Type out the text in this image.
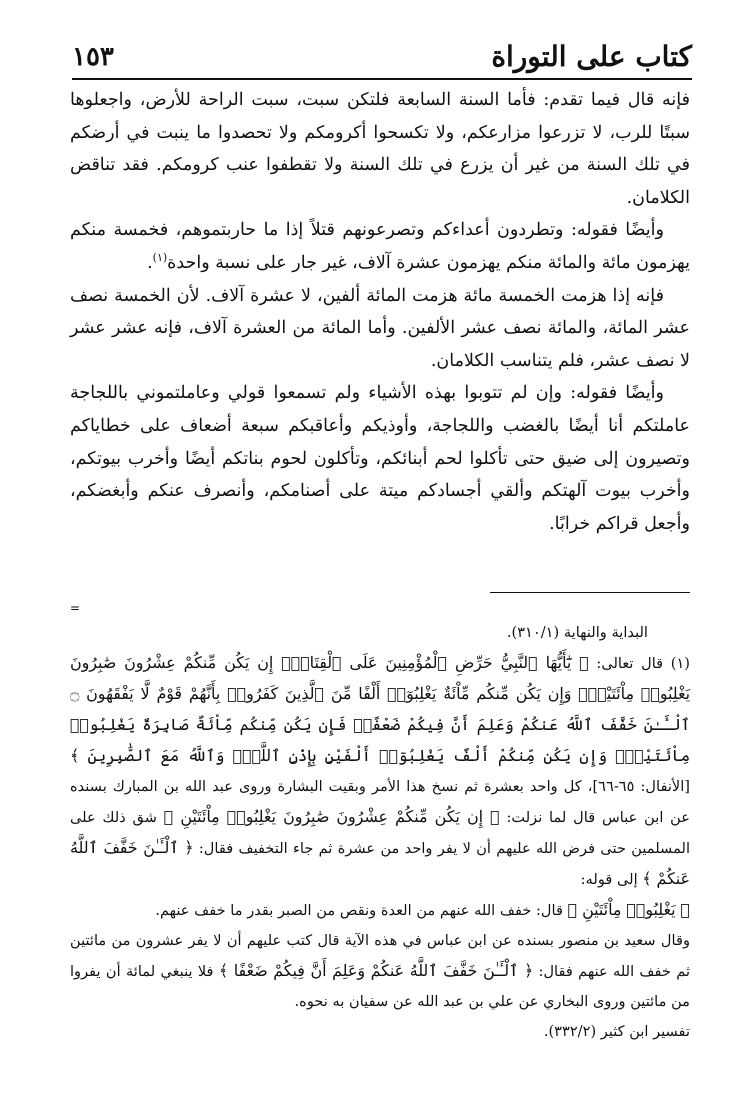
كتاب على التوراة
١٥٣

فإنه قال فيما تقدم: فأما السنة السابعة فلتكن سبت، سبت الراحة للأرض، واجعلوها سبتًا للرب، لا تزرعوا مزارعكم، ولا تكسحوا أكرومكم ولا تحصدوا ما ينبت في أرضكم في تلك السنة من غير أن يزرع في تلك السنة ولا تقطفوا عنب كرومكم. فقد تناقض الكلامان.

وأيضًا فقوله: وتطردون أعداءكم وتصرعونهم قتلاً إذا ما حاربتموهم، فخمسة منكم يهزمون مائة والمائة منكم يهزمون عشرة آلاف، غير جار على نسبة واحدة$^{(١)}$.

فإنه إذا هزمت الخمسة مائة هزمت المائة ألفين، لا عشرة آلاف. لأن الخمسة نصف عشر المائة، والمائة نصف عشر الألفين. وأما المائة من العشرة آلاف، فإنه عشر عشر لا نصف عشر، فلم يتناسب الكلامان.

وأيضًا فقوله: وإن لم تتوبوا بهذه الأشياء ولم تسمعوا قولي وعاملتموني باللجاجة عاملتكم أنا أيضًا بالغضب واللجاجة، وأوذيكم وأعاقبكم سبعة أضعاف على خطاياكم وتصيرون إلى ضيق حتى تأكلوا لحم أبنائكم، وتأكلون لحوم بناتكم أيضًا وأخرب بيوتكم، وأخرب بيوت آلهتكم وألقي أجسادكم ميتة على أصنامكم، وأنصرف عنكم وأبغضكم، وأجعل قراكم خرابًا.

=

البداية والنهاية (٣١٠/١).

(١) قال تعالى: ﴿ يَٰٓأَيُّهَا ٱلنَّبِيُّ حَرِّضِ ٱلْمُؤْمِنِينَ عَلَى ٱلْقِتَالِۚ إِن يَكُن مِّنكُمْ عِشْرُونَ صَٰبِرُونَ يَغْلِبُوا۟ مِاْئَتَيْنِۚ وَإِن يَكُن مِّنكُم مِّاْئَةٌ يَغْلِبُوٓا۟ أَلْفًا مِّنَ ٱلَّذِينَ كَفَرُوا۟ بِأَنَّهُمْ قَوْمٌ لَّا يَفْقَهُونَ ۝ ٱلْـَٔـٰنَ خَفَّفَ ٱللَّهُ عَنكُمْ وَعَلِمَ أَنَّ فِيكُمْ ضَعْفًاۚ فَإِن يَكُن مِّنكُم مِّاْئَةٌ صَابِرَةٌ يَغْلِبُوا۟ مِاْئَتَيْنِۚ وَإِن يَكُن مِّنكُمْ أَلْفٌ يَغْلِبُوٓا۟ أَلْفَيْنِ بِإِذْنِ ٱللَّهِۗ وَٱللَّهُ مَعَ ٱلصَّٰبِرِينَ ﴾ [الأنفال: ٦٥-٦٦]، كل واحد بعشرة ثم نسخ هذا الأمر وبقيت البشارة وروى عبد الله بن المبارك بسنده عن ابن عباس قال لما نزلت: ﴿ إِن يَكُن مِّنكُمْ عِشْرُونَ صَٰبِرُونَ يَغْلِبُوا۟ مِاْئَتَيْنِ ﴾ شق ذلك على المسلمين حتى فرض الله عليهم أن لا يفر واحد من عشرة ثم جاء التخفيف فقال: ﴿ ٱلْـَٔـٰنَ خَفَّفَ ٱللَّهُ عَنكُمْ ﴾ إلى قوله:

﴿ يَغْلِبُوا۟ مِاْئَتَيْنِ ﴾ قال: خفف الله عنهم من العدة ونقص من الصبر بقدر ما خفف عنهم.

وقال سعيد بن منصور بسنده عن ابن عباس في هذه الآية قال كتب عليهم أن لا يفر عشرون من مائتين ثم خفف الله عنهم فقال: ﴿ ٱلْـَٔـٰنَ خَفَّفَ ٱللَّهُ عَنكُمْ وَعَلِمَ أَنَّ فِيكُمْ ضَعْفًا ﴾ فلا ينبغي لمائة أن يفروا من مائتين وروى البخاري عن علي بن عبد الله عن سفيان به نحوه.

تفسير ابن كثير (٣٣٢/٢).
